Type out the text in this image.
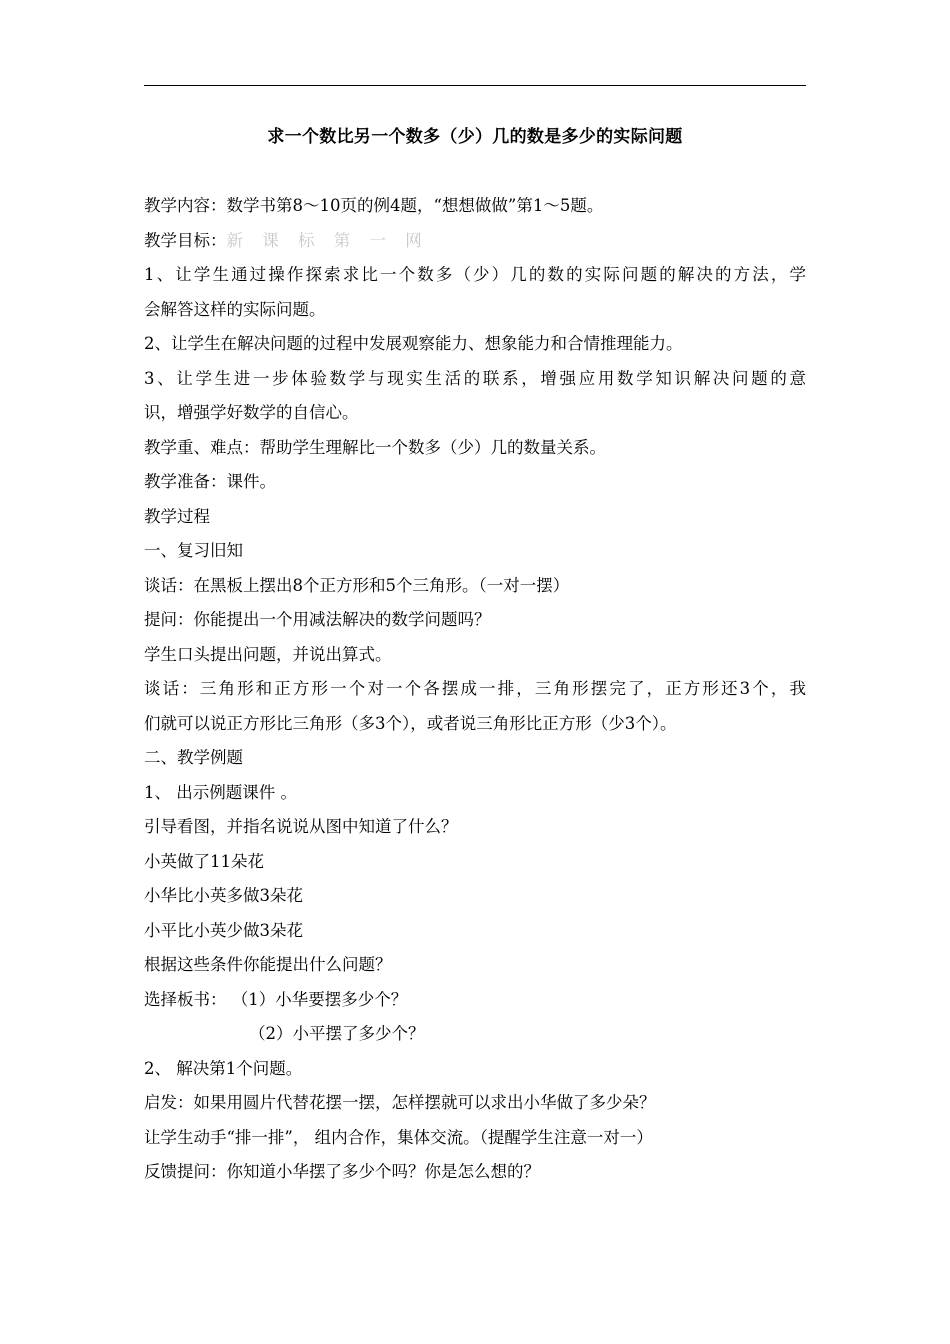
求一个数比另一个数多（少）几的数是多少的实际问题
教学内容：数学书第8～10页的例4题，“想想做做”第1～5题。
教学目标：新 课 标 第 一 网
1、让学生通过操作探索求比一个数多（少）几的数的实际问题的解决的方法，学
会解答这样的实际问题。
2、让学生在解决问题的过程中发展观察能力、想象能力和合情推理能力。
3、让学生进一步体验数学与现实生活的联系，增强应用数学知识解决问题的意
识，增强学好数学的自信心。
教学重、难点：帮助学生理解比一个数多（少）几的数量关系。
教学准备：课件。
教学过程
一、复习旧知
谈话：在黑板上摆出8个正方形和5个三角形。（一对一摆）
提问：你能提出一个用减法解决的数学问题吗？
学生口头提出问题，并说出算式。
谈话：三角形和正方形一个对一个各摆成一排，三角形摆完了，正方形还3个，我
们就可以说正方形比三角形（多3个），或者说三角形比正方形（少3个）。
二、教学例题
1、 出示例题课件 。
引导看图，并指名说说从图中知道了什么？
小英做了11朵花
小华比小英多做3朵花
小平比小英少做3朵花
根据这些条件你能提出什么问题？
选择板书： （1）小华要摆多少个？
（2）小平摆了多少个？
2、 解决第1个问题。
启发：如果用圆片代替花摆一摆，怎样摆就可以求出小华做了多少朵？
让学生动手“排一排”， 组内合作，集体交流。（提醒学生注意一对一）
反馈提问：你知道小华摆了多少个吗？你是怎么想的？
